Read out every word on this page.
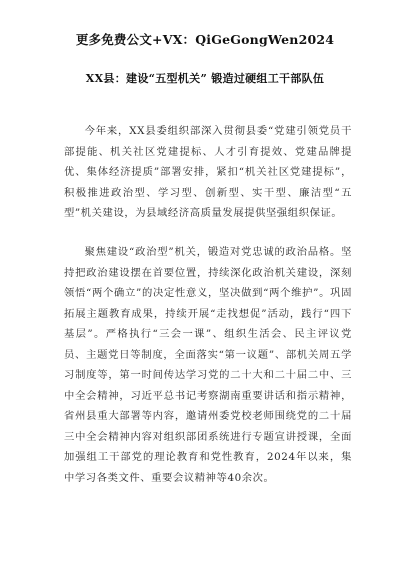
更多免费公文+VX：QiGeGongWen2024
XX县：建设“五型机关” 锻造过硬组工干部队伍

今年来，XX县委组织部深入贯彻县委“党建引领党员干部提能、机关社区党建提标、人才引育提效、党建品牌提优、集体经济提质”部署安排，紧扣“机关社区党建提标”，积极推进政治型、学习型、创新型、实干型、廉洁型“五型”机关建设，为县域经济高质量发展提供坚强组织保证。

聚焦建设“政治型”机关，锻造对党忠诚的政治品格。坚持把政治建设摆在首要位置，持续深化政治机关建设，深刻领悟“两个确立”的决定性意义，坚决做到“两个维护”。巩固拓展主题教育成果，持续开展“走找想促”活动，践行“四下基层”。严格执行“三会一课”、组织生活会、民主评议党员、主题党日等制度，全面落实“第一议题”、部机关周五学习制度等，第一时间传达学习党的二十大和二十届二中、三中全会精神，习近平总书记考察湖南重要讲话和指示精神，省州县重大部署等内容，邀请州委党校老师围绕党的二十届三中全会精神内容对组织部团系统进行专题宣讲授课，全面加强组工干部党的理论教育和党性教育，2024年以来，集中学习各类文件、重要会议精神等40余次。
